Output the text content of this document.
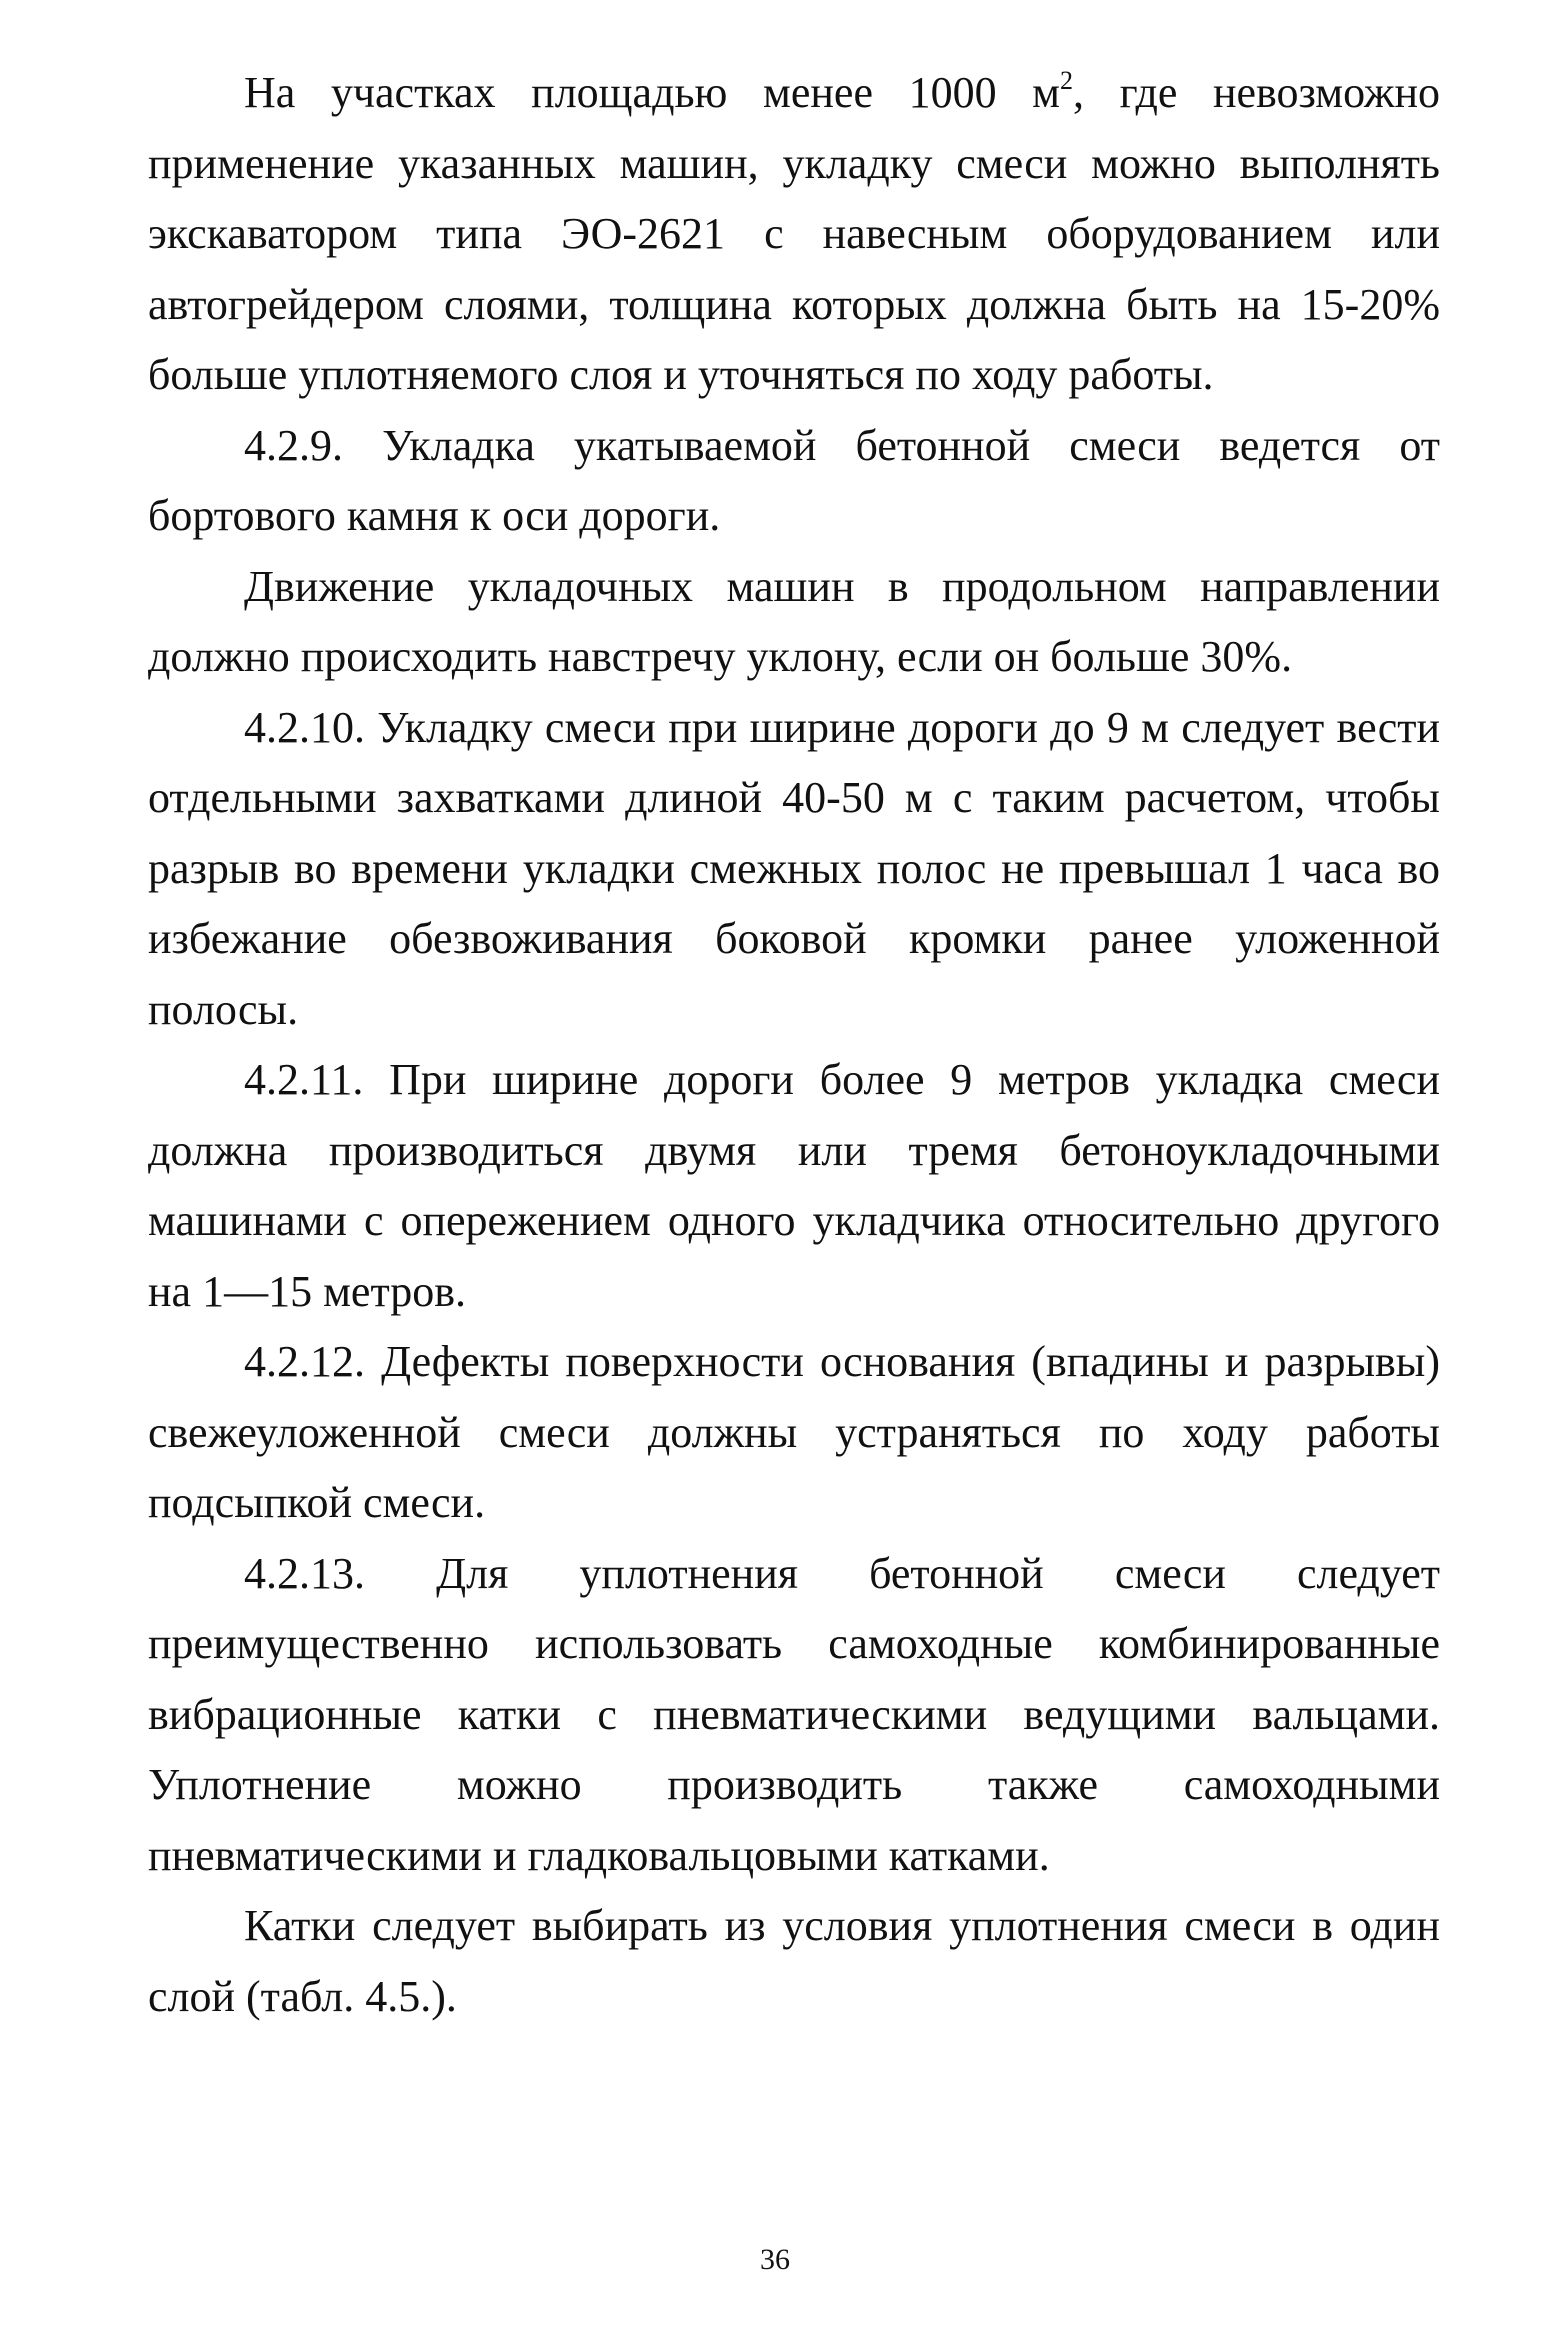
На участках площадью менее 1000 $м^2$, где невозможно применение указанных машин, укладку смеси можно выполнять экскаватором типа ЭО-2621 с навесным оборудованием или автогрейдером слоями, толщина которых должна быть на 15-20% больше уплотняемого слоя и уточняться по ходу работы.

4.2.9. Укладка укатываемой бетонной смеси ведется от бортового камня к оси дороги.

Движение укладочных машин в продольном направлении должно происходить навстречу уклону, если он больше 30%.

4.2.10. Укладку смеси при ширине дороги до 9 м следует вести отдельными захватками длиной 40-50 м с таким расчетом, чтобы разрыв во времени укладки смежных полос не превышал 1 часа во избежание обезвоживания боковой кромки ранее уложенной полосы.

4.2.11. При ширине дороги более 9 метров укладка смеси должна производиться двумя или тремя бетоноукладочными машинами с опережением одного укладчика относительно другого на 1—15 метров.

4.2.12. Дефекты поверхности основания (впадины и разрывы) свежеуложенной смеси должны устраняться по ходу работы подсыпкой смеси.

4.2.13. Для уплотнения бетонной смеси следует преимущественно использовать самоходные комбинированные вибрационные катки с пневматическими ведущими вальцами. Уплотнение можно производить также самоходными пневматическими и гладковальцовыми катками.

Катки следует выбирать из условия уплотнения смеси в один слой (табл. 4.5.).

36
